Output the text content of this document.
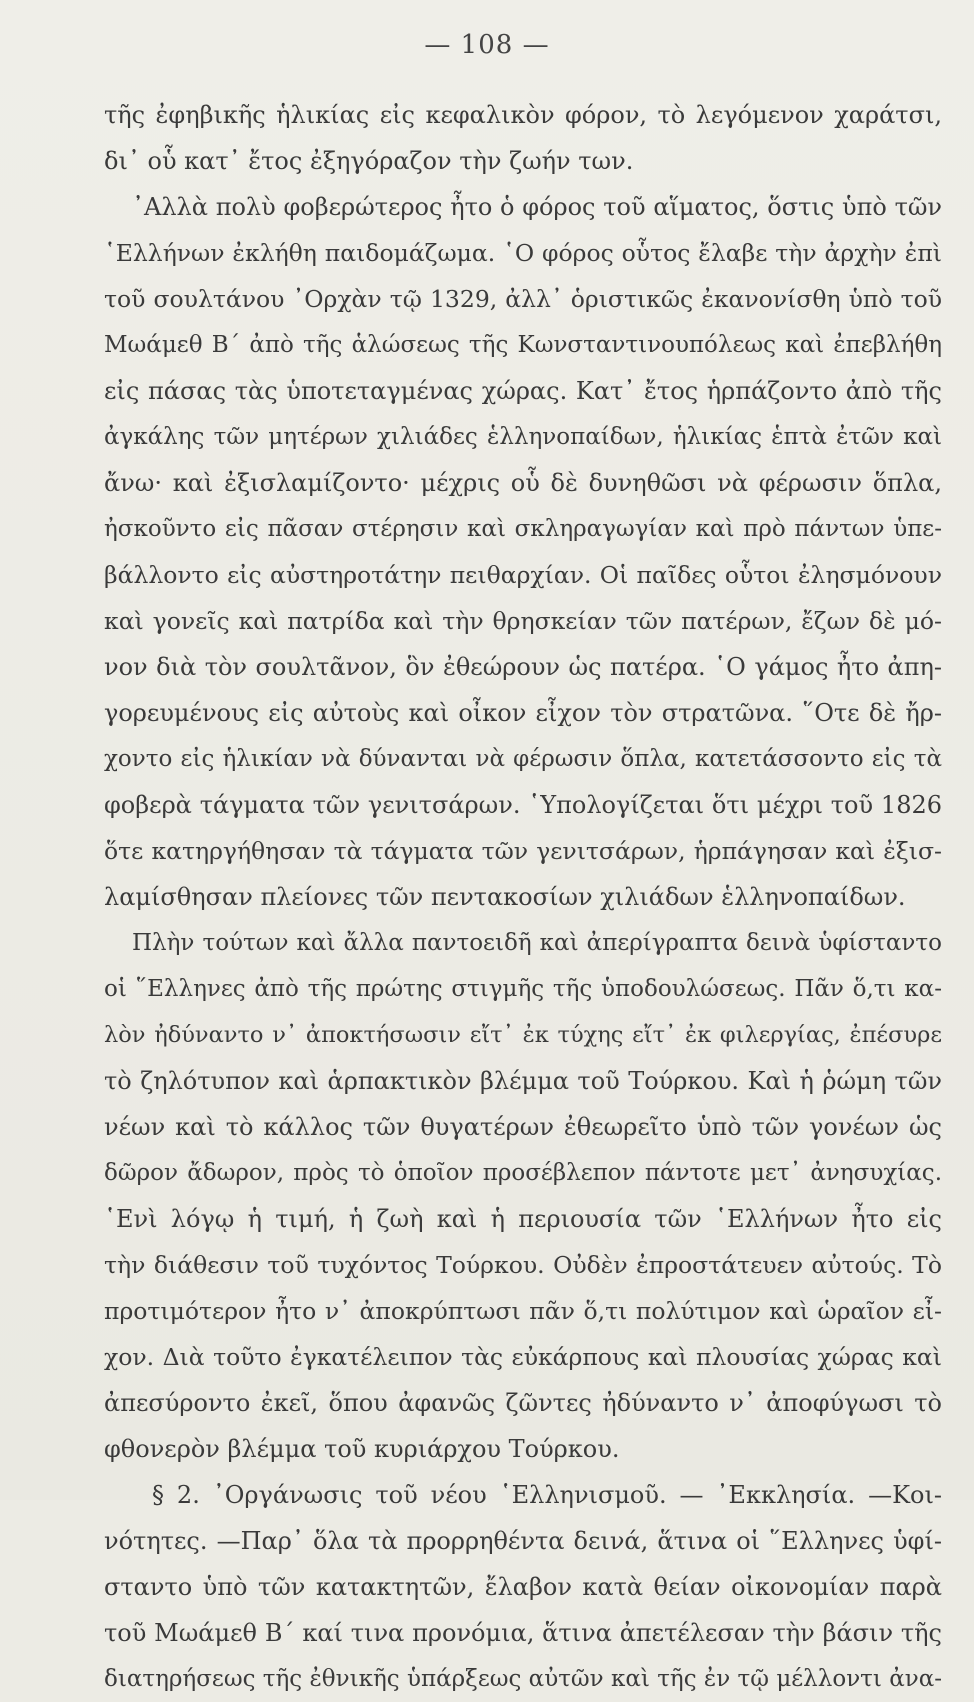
— 108 —
τῆς ἐφηβικῆς ἡλικίας εἰς κεφαλικὸν φόρον, τὸ λεγόμενον χαράτσι,
δι᾽ οὗ κατ᾽ ἔτος ἐξηγόραζον τὴν ζωήν των.
᾿Αλλὰ πολὺ φοβερώτερος ἦτο ὁ φόρος τοῦ αἵματος, ὅστις ὑπὸ τῶν
῾Ελλήνων ἐκλήθη παιδομάζωμα. ῾Ο φόρος οὗτος ἔλαβε τὴν ἀρχὴν ἐπὶ
τοῦ σουλτάνου ᾿Ορχὰν τῷ 1329, ἀλλ᾽ ὁριστικῶς ἐκανονίσθη ὑπὸ τοῦ
Μωάμεθ Β΄ ἀπὸ τῆς ἁλώσεως τῆς Κωνσταντινουπόλεως καὶ ἐπεβλήθη
εἰς πάσας τὰς ὑποτεταγμένας χώρας. Κατ᾽ ἔτος ἡρπάζοντο ἀπὸ τῆς
ἀγκάλης τῶν μητέρων χιλιάδες ἑλληνοπαίδων, ἡλικίας ἑπτὰ ἐτῶν καὶ
ἄνω· καὶ ἐξισλαμίζοντο· μέχρις οὗ δὲ δυνηθῶσι νὰ φέρωσιν ὅπλα,
ἠσκοῦντο εἰς πᾶσαν στέρησιν καὶ σκληραγωγίαν καὶ πρὸ πάντων ὑπε-
βάλλοντο εἰς αὐστηροτάτην πειθαρχίαν. Οἱ παῖδες οὗτοι ἐλησμόνουν
καὶ γονεῖς καὶ πατρίδα καὶ τὴν θρησκείαν τῶν πατέρων, ἔζων δὲ μό-
νον διὰ τὸν σουλτᾶνον, ὃν ἐθεώρουν ὡς πατέρα. ῾Ο γάμος ἦτο ἀπη-
γορευμένους εἰς αὐτοὺς καὶ οἶκον εἶχον τὸν στρατῶνα. ῞Οτε δὲ ἤρ-
χοντο εἰς ἡλικίαν νὰ δύνανται νὰ φέρωσιν ὅπλα, κατετάσσοντο εἰς τὰ
φοβερὰ τάγματα τῶν γενιτσάρων. ῾Υπολογίζεται ὅτι μέχρι τοῦ 1826
ὅτε κατηργήθησαν τὰ τάγματα τῶν γενιτσάρων, ἡρπάγησαν καὶ ἐξισ-
λαμίσθησαν πλείονες τῶν πεντακοσίων χιλιάδων ἑλληνοπαίδων.
Πλὴν τούτων καὶ ἄλλα παντοειδῆ καὶ ἀπερίγραπτα δεινὰ ὑφίσταντο
οἱ ῞Ελληνες ἀπὸ τῆς πρώτης στιγμῆς τῆς ὑποδουλώσεως. Πᾶν ὅ,τι κα-
λὸν ἠδύναντο ν᾽ ἀποκτήσωσιν εἴτ᾽ ἐκ τύχης εἴτ᾽ ἐκ φιλεργίας, ἐπέσυρε
τὸ ζηλότυπον καὶ ἁρπακτικὸν βλέμμα τοῦ Τούρκου. Καὶ ἡ ῥώμη τῶν
νέων καὶ τὸ κάλλος τῶν θυγατέρων ἐθεωρεῖτο ὑπὸ τῶν γονέων ὡς
δῶρον ἄδωρον, πρὸς τὸ ὁποῖον προσέβλεπον πάντοτε μετ᾽ ἀνησυχίας.
῾Ενὶ λόγῳ ἡ τιμή, ἡ ζωὴ καὶ ἡ περιουσία τῶν ῾Ελλήνων ἦτο εἰς
τὴν διάθεσιν τοῦ τυχόντος Τούρκου. Οὐδὲν ἐπροστάτευεν αὐτούς. Τὸ
προτιμότερον ἦτο ν᾽ ἀποκρύπτωσι πᾶν ὅ,τι πολύτιμον καὶ ὡραῖον εἶ-
χον. Διὰ τοῦτο ἐγκατέλειπον τὰς εὐκάρπους καὶ πλουσίας χώρας καὶ
ἀπεσύροντο ἐκεῖ, ὅπου ἀφανῶς ζῶντες ἠδύναντο ν᾽ ἀποφύγωσι τὸ
φθονερὸν βλέμμα τοῦ κυριάρχου Τούρκου.
§ 2. ᾿Οργάνωσις τοῦ νέου ῾Ελληνισμοῦ. — ᾿Εκκλησία. —Κοι-
νότητες. —Παρ᾽ ὅλα τὰ προρρηθέντα δεινά, ἅτινα οἱ ῞Ελληνες ὑφί-
σταντο ὑπὸ τῶν κατακτητῶν, ἔλαβον κατὰ θείαν οἰκονομίαν παρὰ
τοῦ Μωάμεθ Β΄ καί τινα προνόμια, ἅτινα ἀπετέλεσαν τὴν βάσιν τῆς
διατηρήσεως τῆς ἐθνικῆς ὑπάρξεως αὐτῶν καὶ τῆς ἐν τῷ μέλλοντι ἀνα-
